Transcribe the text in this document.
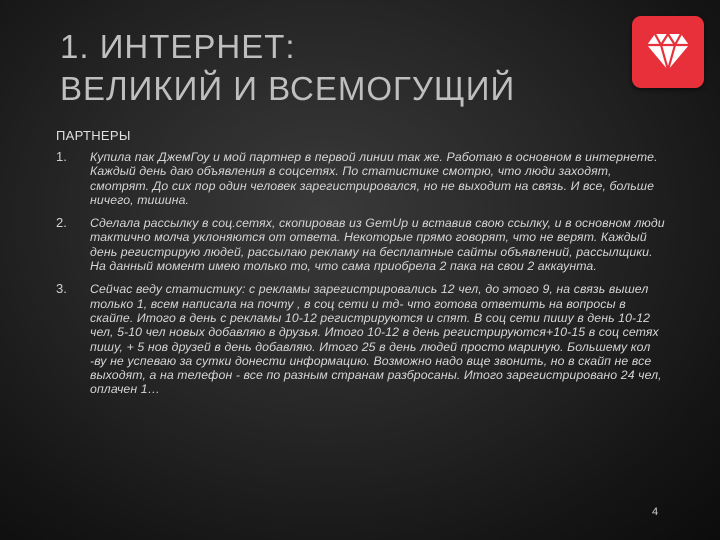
1. ИНТЕРНЕТ:
ВЕЛИКИЙ И ВСЕМОГУЩИЙ
ПАРТНЕРЫ
1. Купила пак ДжемГоу и мой партнер в первой линии так же. Работаю в основном в интернете. Каждый день даю объявления в соцсетях. По статистике смотрю, что люди заходят, смотрят. До сих пор один человек зарегистрировался, но не выходит на связь. И все, больше ничего, тишина.
2. Сделала рассылку в соц.сетях, скопировав из GemUp и вставив свою ссылку, и в основном люди тактично молча уклоняются от ответа. Некоторые прямо говорят, что не верят. Каждый день регистрирую людей, рассылаю рекламу на бесплатные сайты объявлений, рассылщики. На данный момент имею только то, что сама приобрела 2 пака на свои 2 аккаунта.
3. Сейчас веду статистику: с рекламы зарегистрировались 12 чел, до этого 9, на связь вышел только 1, всем написала на почту , в соц сети и тд- что готова ответить на вопросы в скайпе. Итого в день с рекламы 10-12 регистрируются и спят. В соц сети пишу в день 10-12 чел, 5-10 чел новых добавляю в друзья. Итого 10-12 в день регистрируются+10-15 в соц сетях пишу, + 5 нов друзей в день добавляю. Итого 25 в день людей просто мариную. Большему кол -ву не успеваю за сутки донести информацию. Возможно надо вще звонить, но в скайп не все выходят, а на телефон - все по разным странам разбросаны. Итого зарегистрировано 24 чел, оплачен 1…
4
